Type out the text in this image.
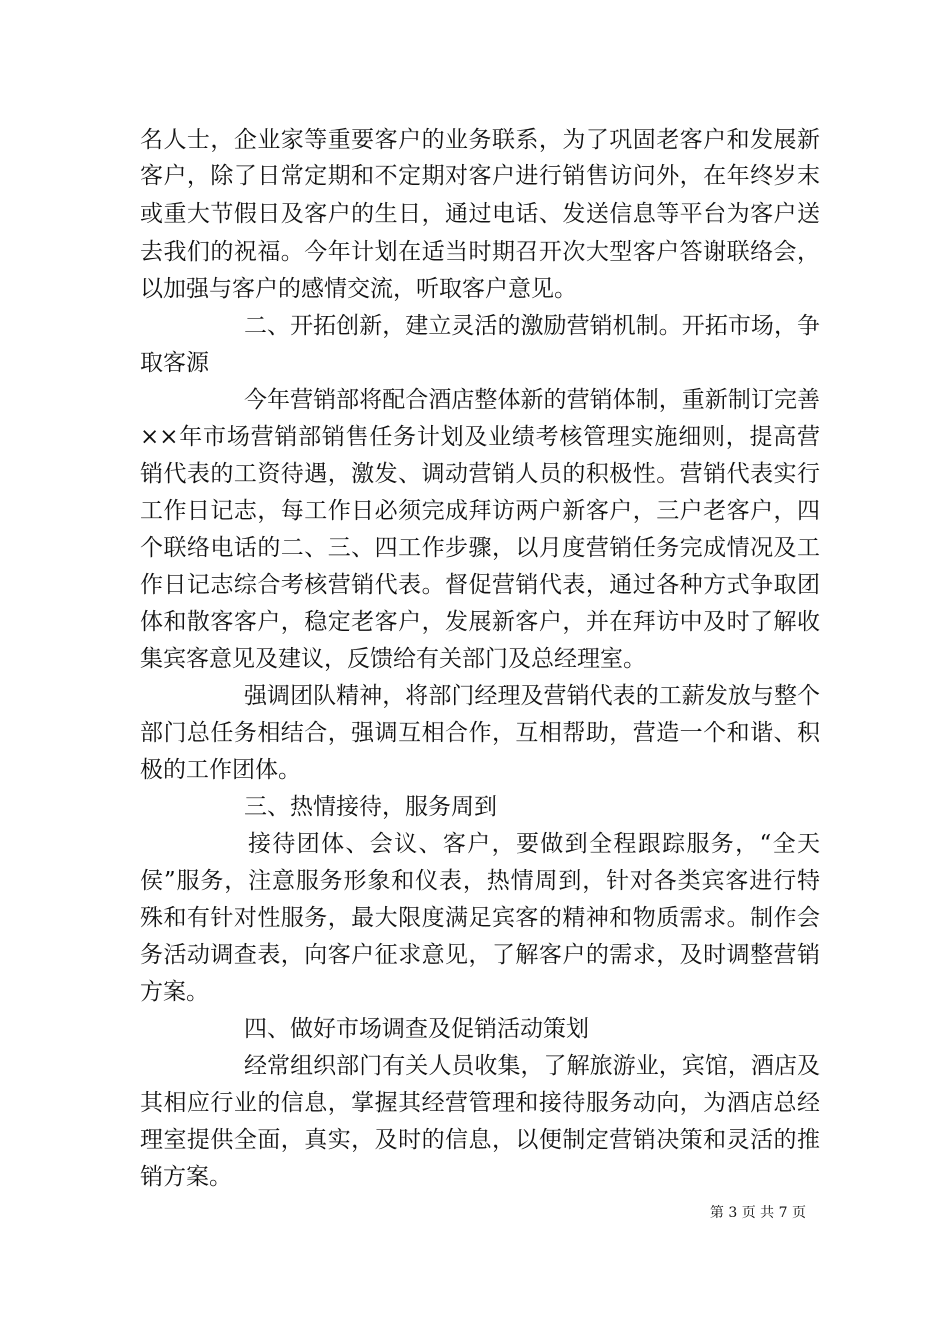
名人士，企业家等重要客户的业务联系，为了巩固老客户和发展新
客户，除了日常定期和不定期对客户进行销售访问外，在年终岁末
或重大节假日及客户的生日，通过电话、发送信息等平台为客户送
去我们的祝福。今年计划在适当时期召开次大型客户答谢联络会，
以加强与客户的感情交流，听取客户意见。
二、开拓创新，建立灵活的激励营销机制。开拓市场，争
取客源
今年营销部将配合酒店整体新的营销体制，重新制订完善
××年市场营销部销售任务计划及业绩考核管理实施细则，提高营
销代表的工资待遇，激发、调动营销人员的积极性。营销代表实行
工作日记志，每工作日必须完成拜访两户新客户，三户老客户，四
个联络电话的二、三、四工作步骤，以月度营销任务完成情况及工
作日记志综合考核营销代表。督促营销代表，通过各种方式争取团
体和散客客户，稳定老客户，发展新客户，并在拜访中及时了解收
集宾客意见及建议，反馈给有关部门及总经理室。
强调团队精神，将部门经理及营销代表的工薪发放与整个
部门总任务相结合，强调互相合作，互相帮助，营造一个和谐、积
极的工作团体。
三、热情接待，服务周到
接待团体、会议、客户，要做到全程跟踪服务，“全天
侯”服务，注意服务形象和仪表，热情周到，针对各类宾客进行特
殊和有针对性服务，最大限度满足宾客的精神和物质需求。制作会
务活动调查表，向客户征求意见，了解客户的需求，及时调整营销
方案。
四、做好市场调查及促销活动策划
经常组织部门有关人员收集，了解旅游业，宾馆，酒店及
其相应行业的信息，掌握其经营管理和接待服务动向，为酒店总经
理室提供全面，真实，及时的信息，以便制定营销决策和灵活的推
销方案。
第 3 页 共 7 页
